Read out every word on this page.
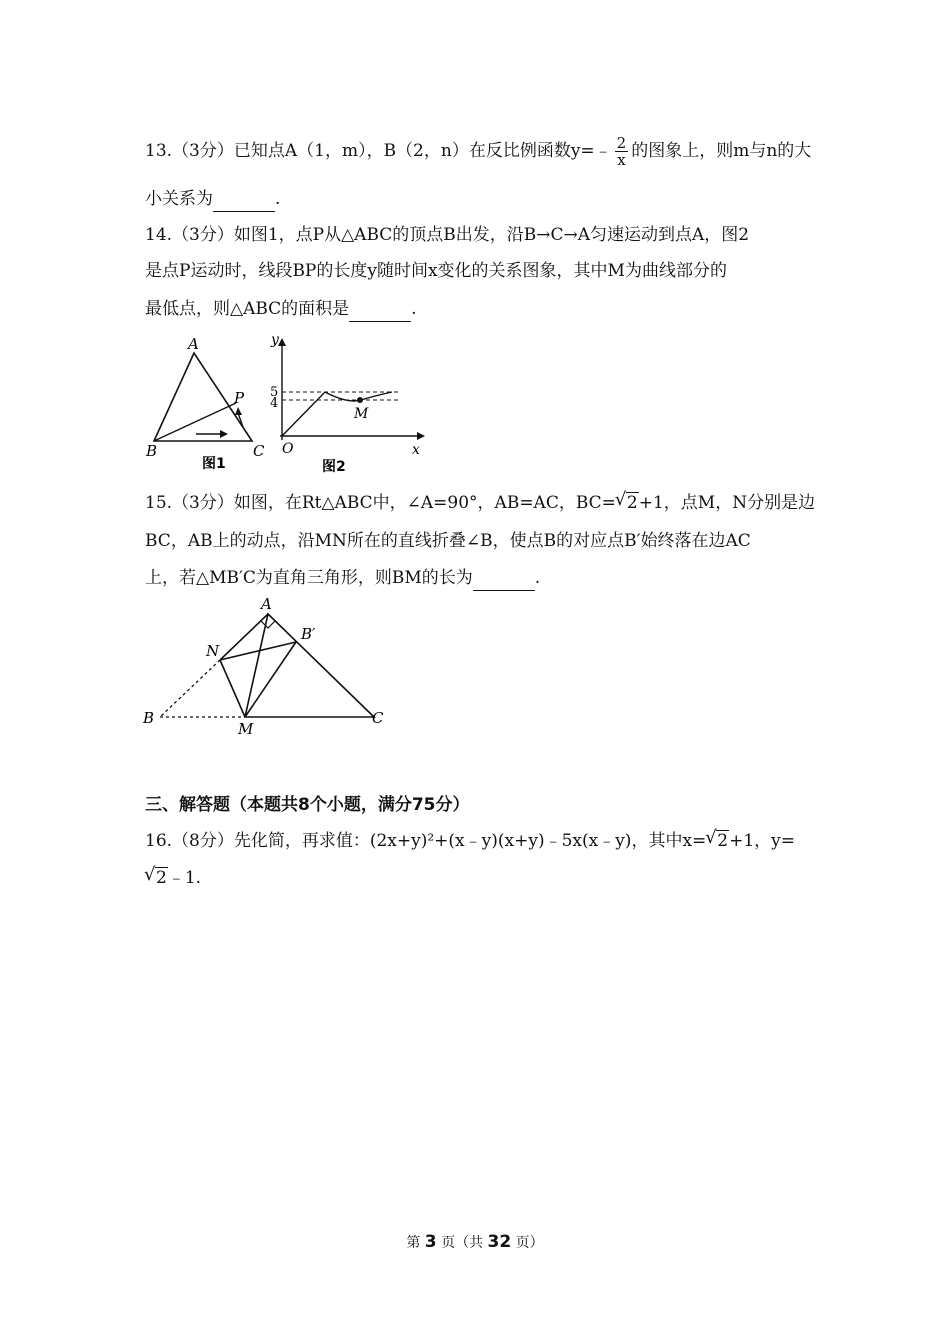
13.（3分）已知点A（1，m），B（2，n）在反比例函数y=﹣ $\frac{2}{x}$ 的图象上，则m与n的大
小关系为	.
14.（3分）如图1，点P从△ABC的顶点B出发，沿B→C→A匀速运动到点A，图2
是点P运动时，线段BP的长度y随时间x变化的关系图象，其中M为曲线部分的
最低点，则△ABC的面积是	.
A
B	C
P
图1
y
x
O
M
5
4
图2
15.（3分）如图，在Rt△ABC中，∠A=90°，AB=AC，BC= √ 2+1，点M，N分别是边
BC，AB上的动点，沿MN所在的直线折叠∠B，使点B的对应点B′始终落在边AC
上，若△MB′C为直角三角形，则BM的长为	.
A
B	C
M
N
B′
三、解答题（本题共8个小题，满分75分）
16.（8分）先化简，再求值：(2x+y)²+(x﹣y)(x+y)﹣5x(x﹣y)，其中x= √ 2+1，y=
√ 2﹣1.
第 3 页（共 32 页）
